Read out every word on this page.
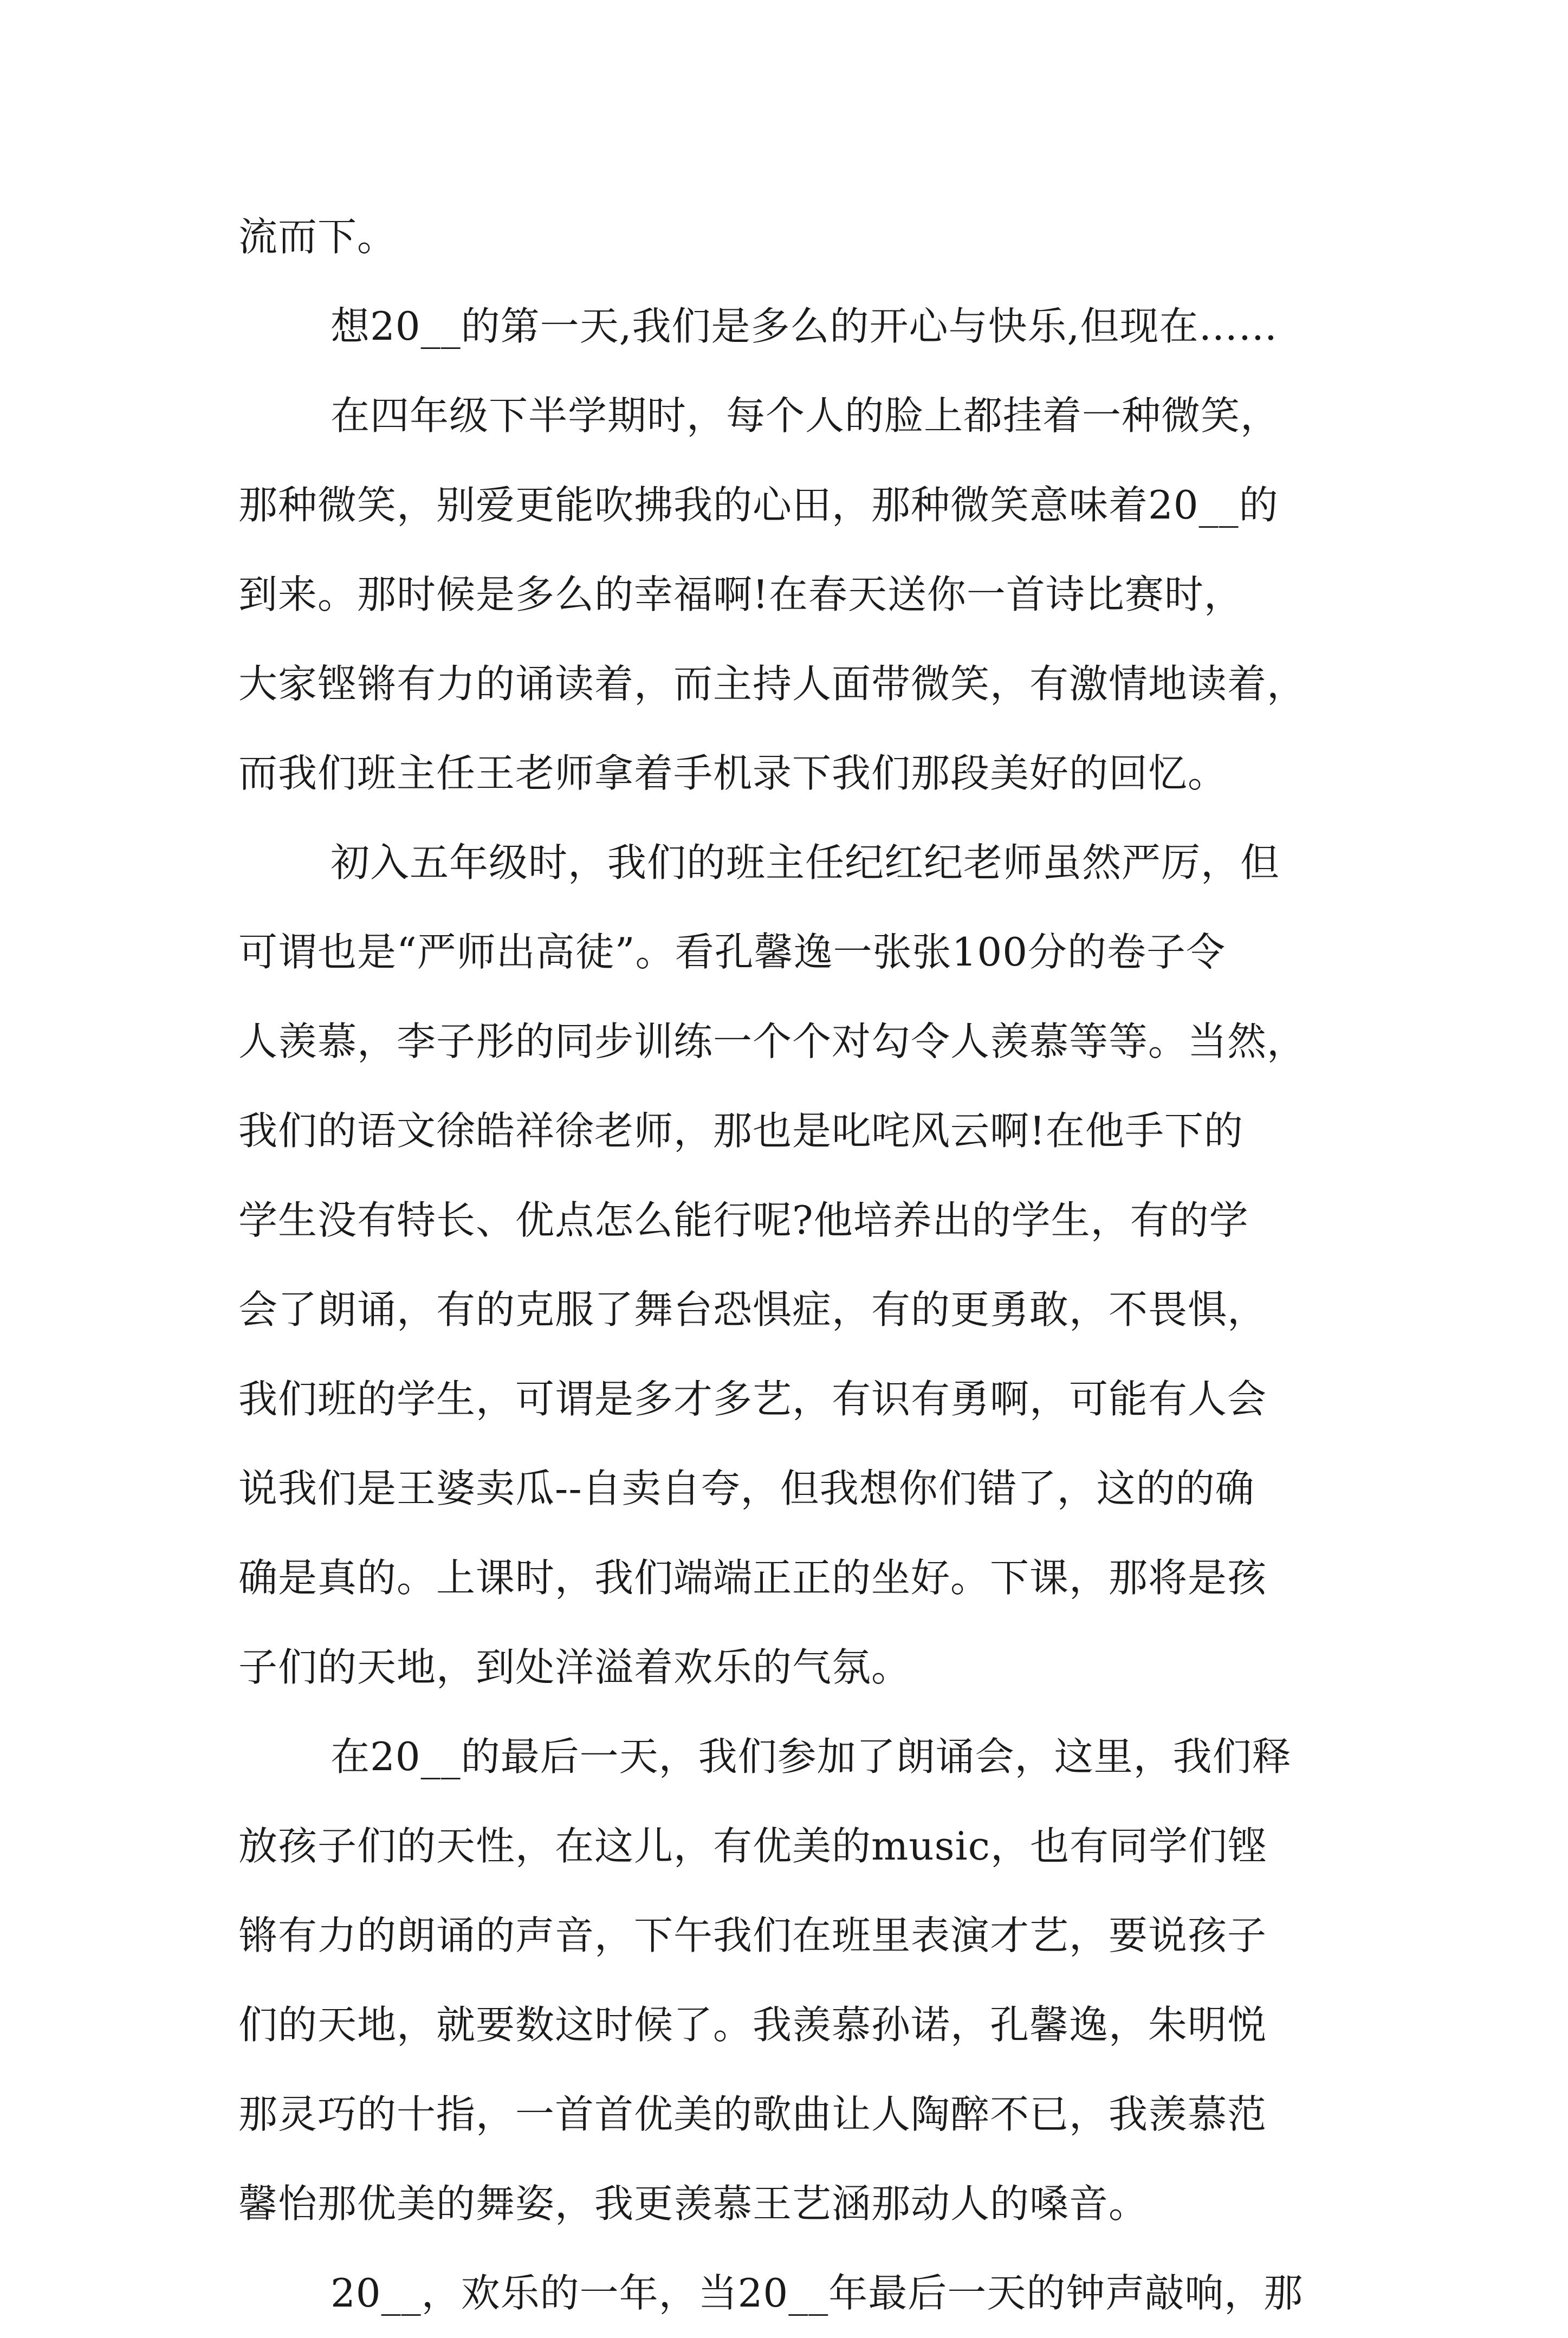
流而下。
想20__的第一天,我们是多么的开心与快乐,但现在……
在四年级下半学期时，每个人的脸上都挂着一种微笑，
那种微笑，别爱更能吹拂我的心田，那种微笑意味着20__的
到来。那时候是多么的幸福啊!在春天送你一首诗比赛时，
大家铿锵有力的诵读着，而主持人面带微笑，有激情地读着，
而我们班主任王老师拿着手机录下我们那段美好的回忆。
初入五年级时，我们的班主任纪红纪老师虽然严厉，但
可谓也是“严师出高徒”。看孔馨逸一张张100分的卷子令
人羡慕，李子彤的同步训练一个个对勾令人羡慕等等。当然，
我们的语文徐皓祥徐老师，那也是叱咤风云啊!在他手下的
学生没有特长、优点怎么能行呢?他培养出的学生，有的学
会了朗诵，有的克服了舞台恐惧症，有的更勇敢，不畏惧，
我们班的学生，可谓是多才多艺，有识有勇啊，可能有人会
说我们是王婆卖瓜--自卖自夸，但我想你们错了，这的的确
确是真的。上课时，我们端端正正的坐好。下课，那将是孩
子们的天地，到处洋溢着欢乐的气氛。
在20__的最后一天，我们参加了朗诵会，这里，我们释
放孩子们的天性，在这儿，有优美的music，也有同学们铿
锵有力的朗诵的声音，下午我们在班里表演才艺，要说孩子
们的天地，就要数这时候了。我羡慕孙诺，孔馨逸，朱明悦
那灵巧的十指，一首首优美的歌曲让人陶醉不已，我羡慕范
馨怡那优美的舞姿，我更羡慕王艺涵那动人的嗓音。
20__，欢乐的一年，当20__年最后一天的钟声敲响，那
